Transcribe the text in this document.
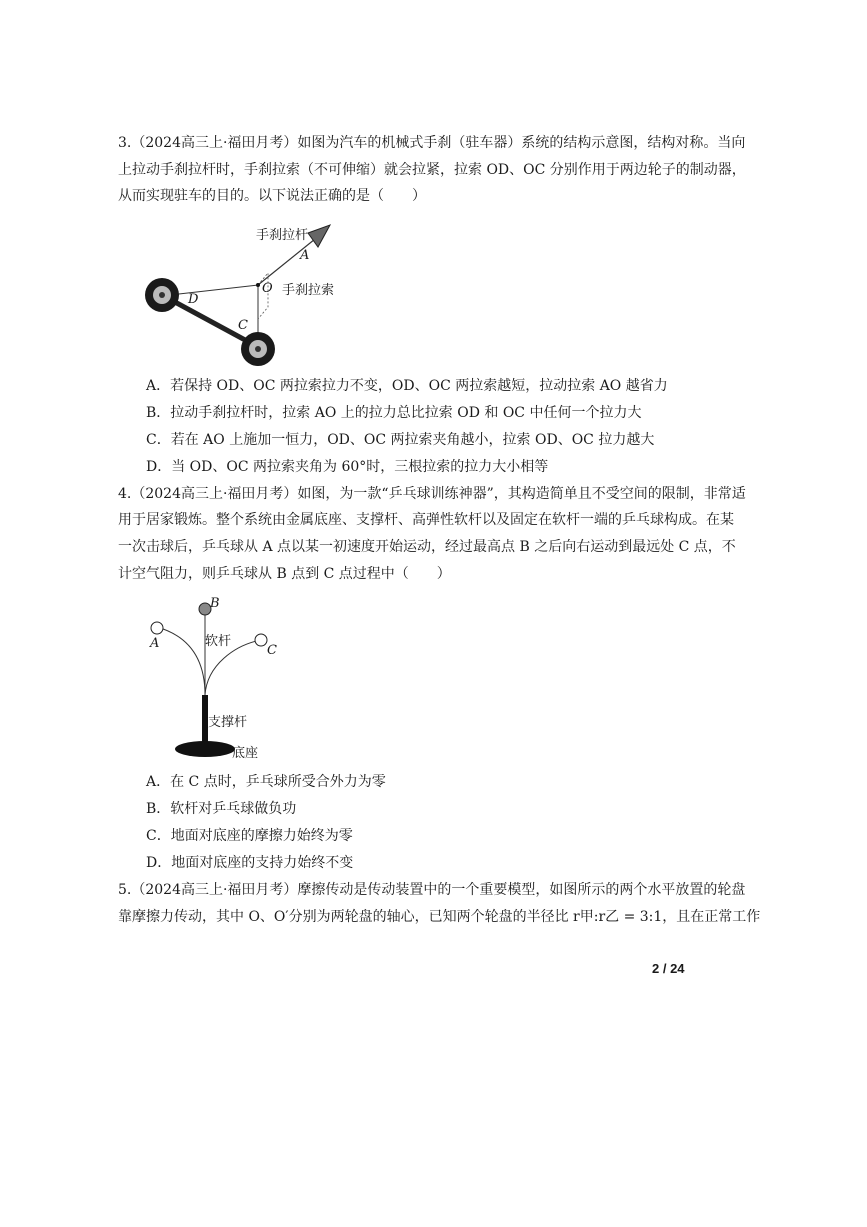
3.（2024高三上·福田月考）如图为汽车的机械式手刹（驻车器）系统的结构示意图，结构对称。当向
上拉动手刹拉杆时，手刹拉索（不可伸缩）就会拉紧，拉索 OD、OC 分别作用于两边轮子的制动器，
从而实现驻车的目的。以下说法正确的是（　　）
手刹拉杆
A
O 手刹拉索
D
C
A．若保持 OD、OC 两拉索拉力不变，OD、OC 两拉索越短，拉动拉索 AO 越省力
B．拉动手刹拉杆时，拉索 AO 上的拉力总比拉索 OD 和 OC 中任何一个拉力大
C．若在 AO 上施加一恒力，OD、OC 两拉索夹角越小，拉索 OD、OC 拉力越大
D．当 OD、OC 两拉索夹角为 60°时，三根拉索的拉力大小相等
4.（2024高三上·福田月考）如图，为一款“乒乓球训练神器”，其构造简单且不受空间的限制，非常适
用于居家锻炼。整个系统由金属底座、支撑杆、高弹性软杆以及固定在软杆一端的乒乓球构成。在某
一次击球后，乒乓球从 A 点以某一初速度开始运动，经过最高点 B 之后向右运动到最远处 C 点，不
计空气阻力，则乒乓球从 B 点到 C 点过程中（　　）
B
A	C
软杆
支撑杆
底座
A．在 C 点时，乒乓球所受合外力为零
B．软杆对乒乓球做负功
C．地面对底座的摩擦力始终为零
D．地面对底座的支持力始终不变
5.（2024高三上·福田月考）摩擦传动是传动装置中的一个重要模型，如图所示的两个水平放置的轮盘
靠摩擦力传动，其中 O、O′分别为两轮盘的轴心，已知两个轮盘的半径比 r甲:r乙 = 3:1，且在正常工作
2 / 24
